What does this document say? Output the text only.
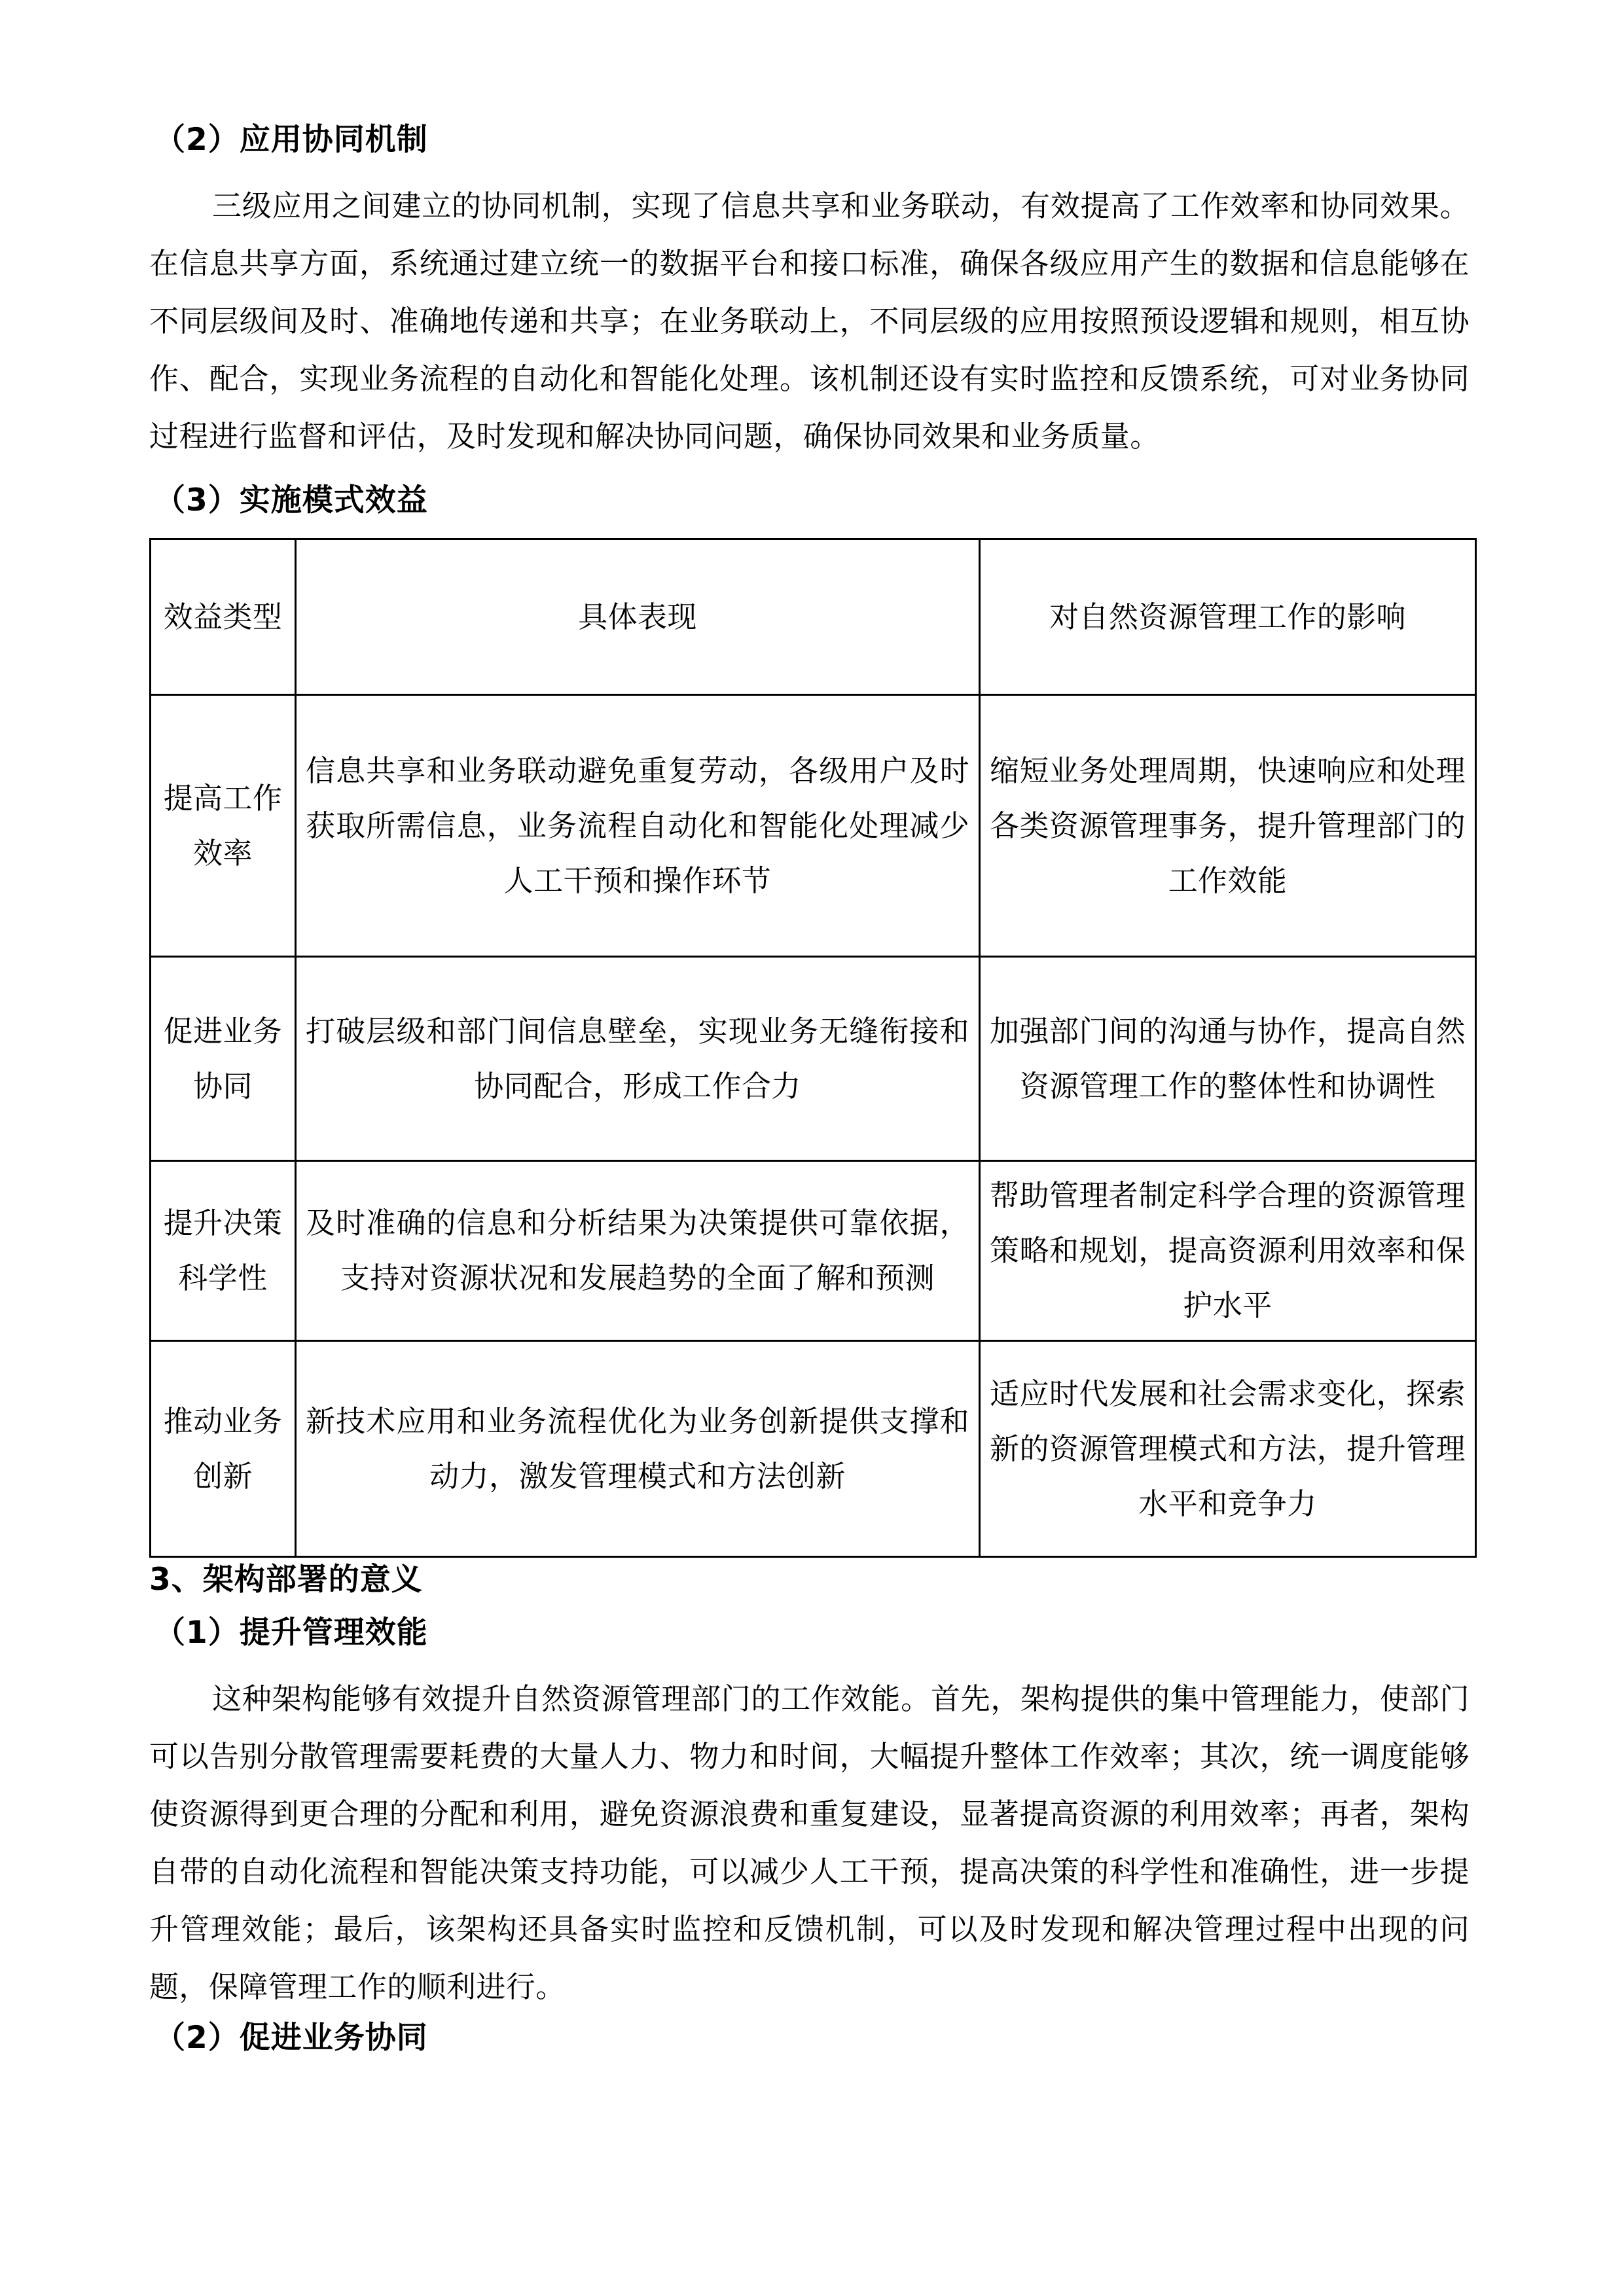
（2）应用协同机制

三级应用之间建立的协同机制，实现了信息共享和业务联动，有效提高了工作效率和协同效果。在信息共享方面，系统通过建立统一的数据平台和接口标准，确保各级应用产生的数据和信息能够在不同层级间及时、准确地传递和共享；在业务联动上，不同层级的应用按照预设逻辑和规则，相互协作、配合，实现业务流程的自动化和智能化处理。该机制还设有实时监控和反馈系统，可对业务协同过程进行监督和评估，及时发现和解决协同问题，确保协同效果和业务质量。

（3）实施模式效益
效益类型	具体表现	对自然资源管理工作的影响
提高工作效率	信息共享和业务联动避免重复劳动，各级用户及时获取所需信息，业务流程自动化和智能化处理减少人工干预和操作环节	缩短业务处理周期，快速响应和处理各类资源管理事务，提升管理部门的工作效能
促进业务协同	打破层级和部门间信息壁垒，实现业务无缝衔接和协同配合，形成工作合力	加强部门间的沟通与协作，提高自然资源管理工作的整体性和协调性
提升决策科学性	及时准确的信息和分析结果为决策提供可靠依据，支持对资源状况和发展趋势的全面了解和预测	帮助管理者制定科学合理的资源管理策略和规划，提高资源利用效率和保护水平
推动业务创新	新技术应用和业务流程优化为业务创新提供支撑和动力，激发管理模式和方法创新	适应时代发展和社会需求变化，探索新的资源管理模式和方法，提升管理水平和竞争力
3、架构部署的意义
（1）提升管理效能

这种架构能够有效提升自然资源管理部门的工作效能。首先，架构提供的集中管理能力，使部门可以告别分散管理需要耗费的大量人力、物力和时间，大幅提升整体工作效率；其次，统一调度能够使资源得到更合理的分配和利用，避免资源浪费和重复建设，显著提高资源的利用效率；再者，架构自带的自动化流程和智能决策支持功能，可以减少人工干预，提高决策的科学性和准确性，进一步提升管理效能；最后，该架构还具备实时监控和反馈机制，可以及时发现和解决管理过程中出现的问题，保障管理工作的顺利进行。

（2）促进业务协同
